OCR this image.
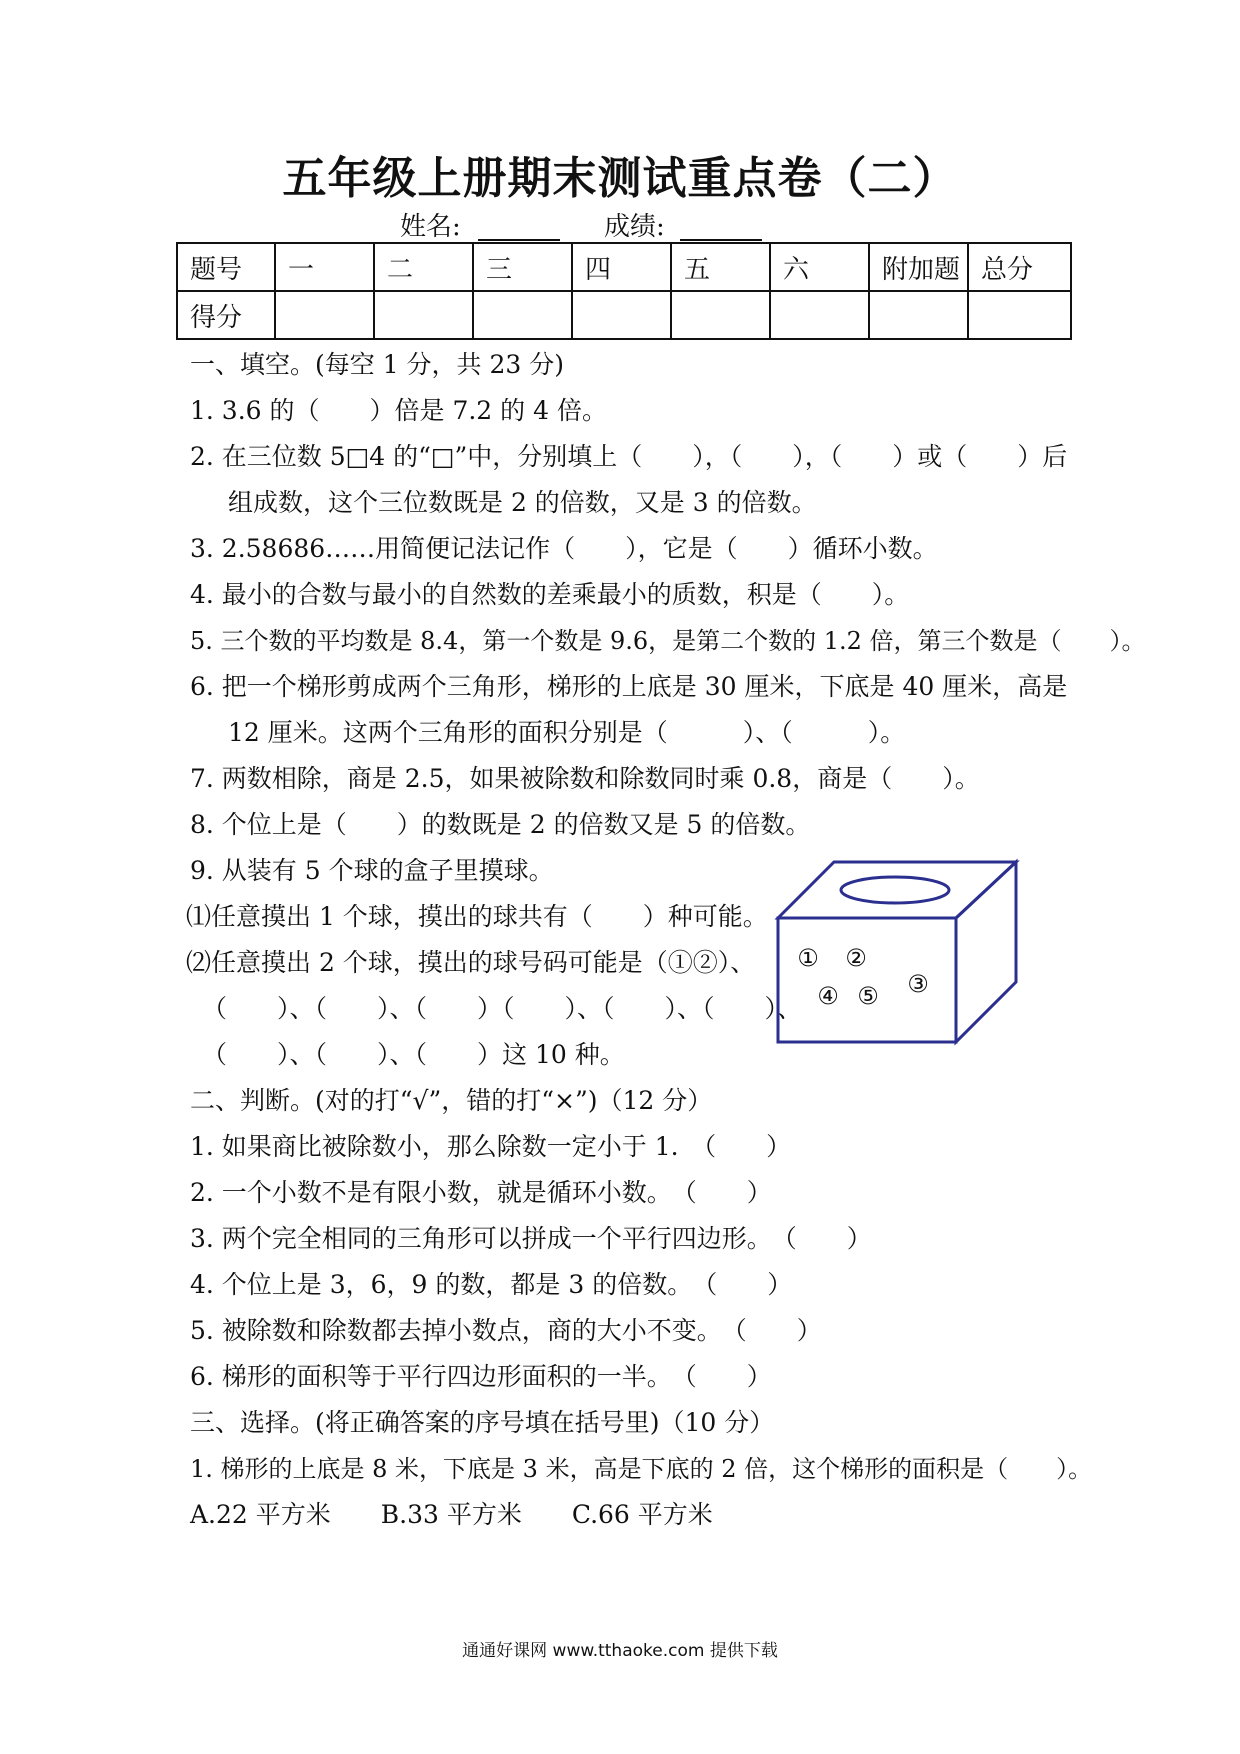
五年级上册期末测试重点卷（二）
姓名:	成绩:
题号	一	二	三	四	五	六	附加题	总分
得分								
一、填空。(每空 1 分，共 23 分)
1. 3.6 的（　　）倍是 7.2 的 4 倍。
2. 在三位数 5□4 的“□”中，分别填上（　　），（　　），（　　）或（　　）后
组成数，这个三位数既是 2 的倍数，又是 3 的倍数。
3. 2.58686……用简便记法记作（　　），它是（　　）循环小数。
4. 最小的合数与最小的自然数的差乘最小的质数，积是（　　）。
5. 三个数的平均数是 8.4，第一个数是 9.6，是第二个数的 1.2 倍，第三个数是（　　）。
6. 把一个梯形剪成两个三角形，梯形的上底是 30 厘米，下底是 40 厘米，高是
12 厘米。这两个三角形的面积分别是（　　　）、（　　　）。
7. 两数相除，商是 2.5，如果被除数和除数同时乘 0.8，商是（　　）。
8. 个位上是（　　）的数既是 2 的倍数又是 5 的倍数。
9. 从装有 5 个球的盒子里摸球。
⑴任意摸出 1 个球，摸出的球共有（　　）种可能。
⑵任意摸出 2 个球，摸出的球号码可能是（①②）、
（　　）、（　　）、（　　）（　　）、（　　）、（　　）、
（　　）、（　　）、（　　）这 10 种。
二、判断。(对的打“√”，错的打“×”)（12 分）
1. 如果商比被除数小，那么除数一定小于 1.　（　　）
2. 一个小数不是有限小数，就是循环小数。　（　　）
3. 两个完全相同的三角形可以拼成一个平行四边形。　（　　）
4. 个位上是 3，6，9 的数，都是 3 的倍数。　（　　）
5. 被除数和除数都去掉小数点，商的大小不变。　（　　）
6. 梯形的面积等于平行四边形面积的一半。　（　　）
三、选择。(将正确答案的序号填在括号里)（10 分）
1. 梯形的上底是 8 米，下底是 3 米，高是下底的 2 倍，这个梯形的面积是（　　）。
A.22 平方米　　B.33 平方米　　C.66 平方米
① ②
③
④ ⑤
通通好课网 www.tthaoke.com 提供下载
